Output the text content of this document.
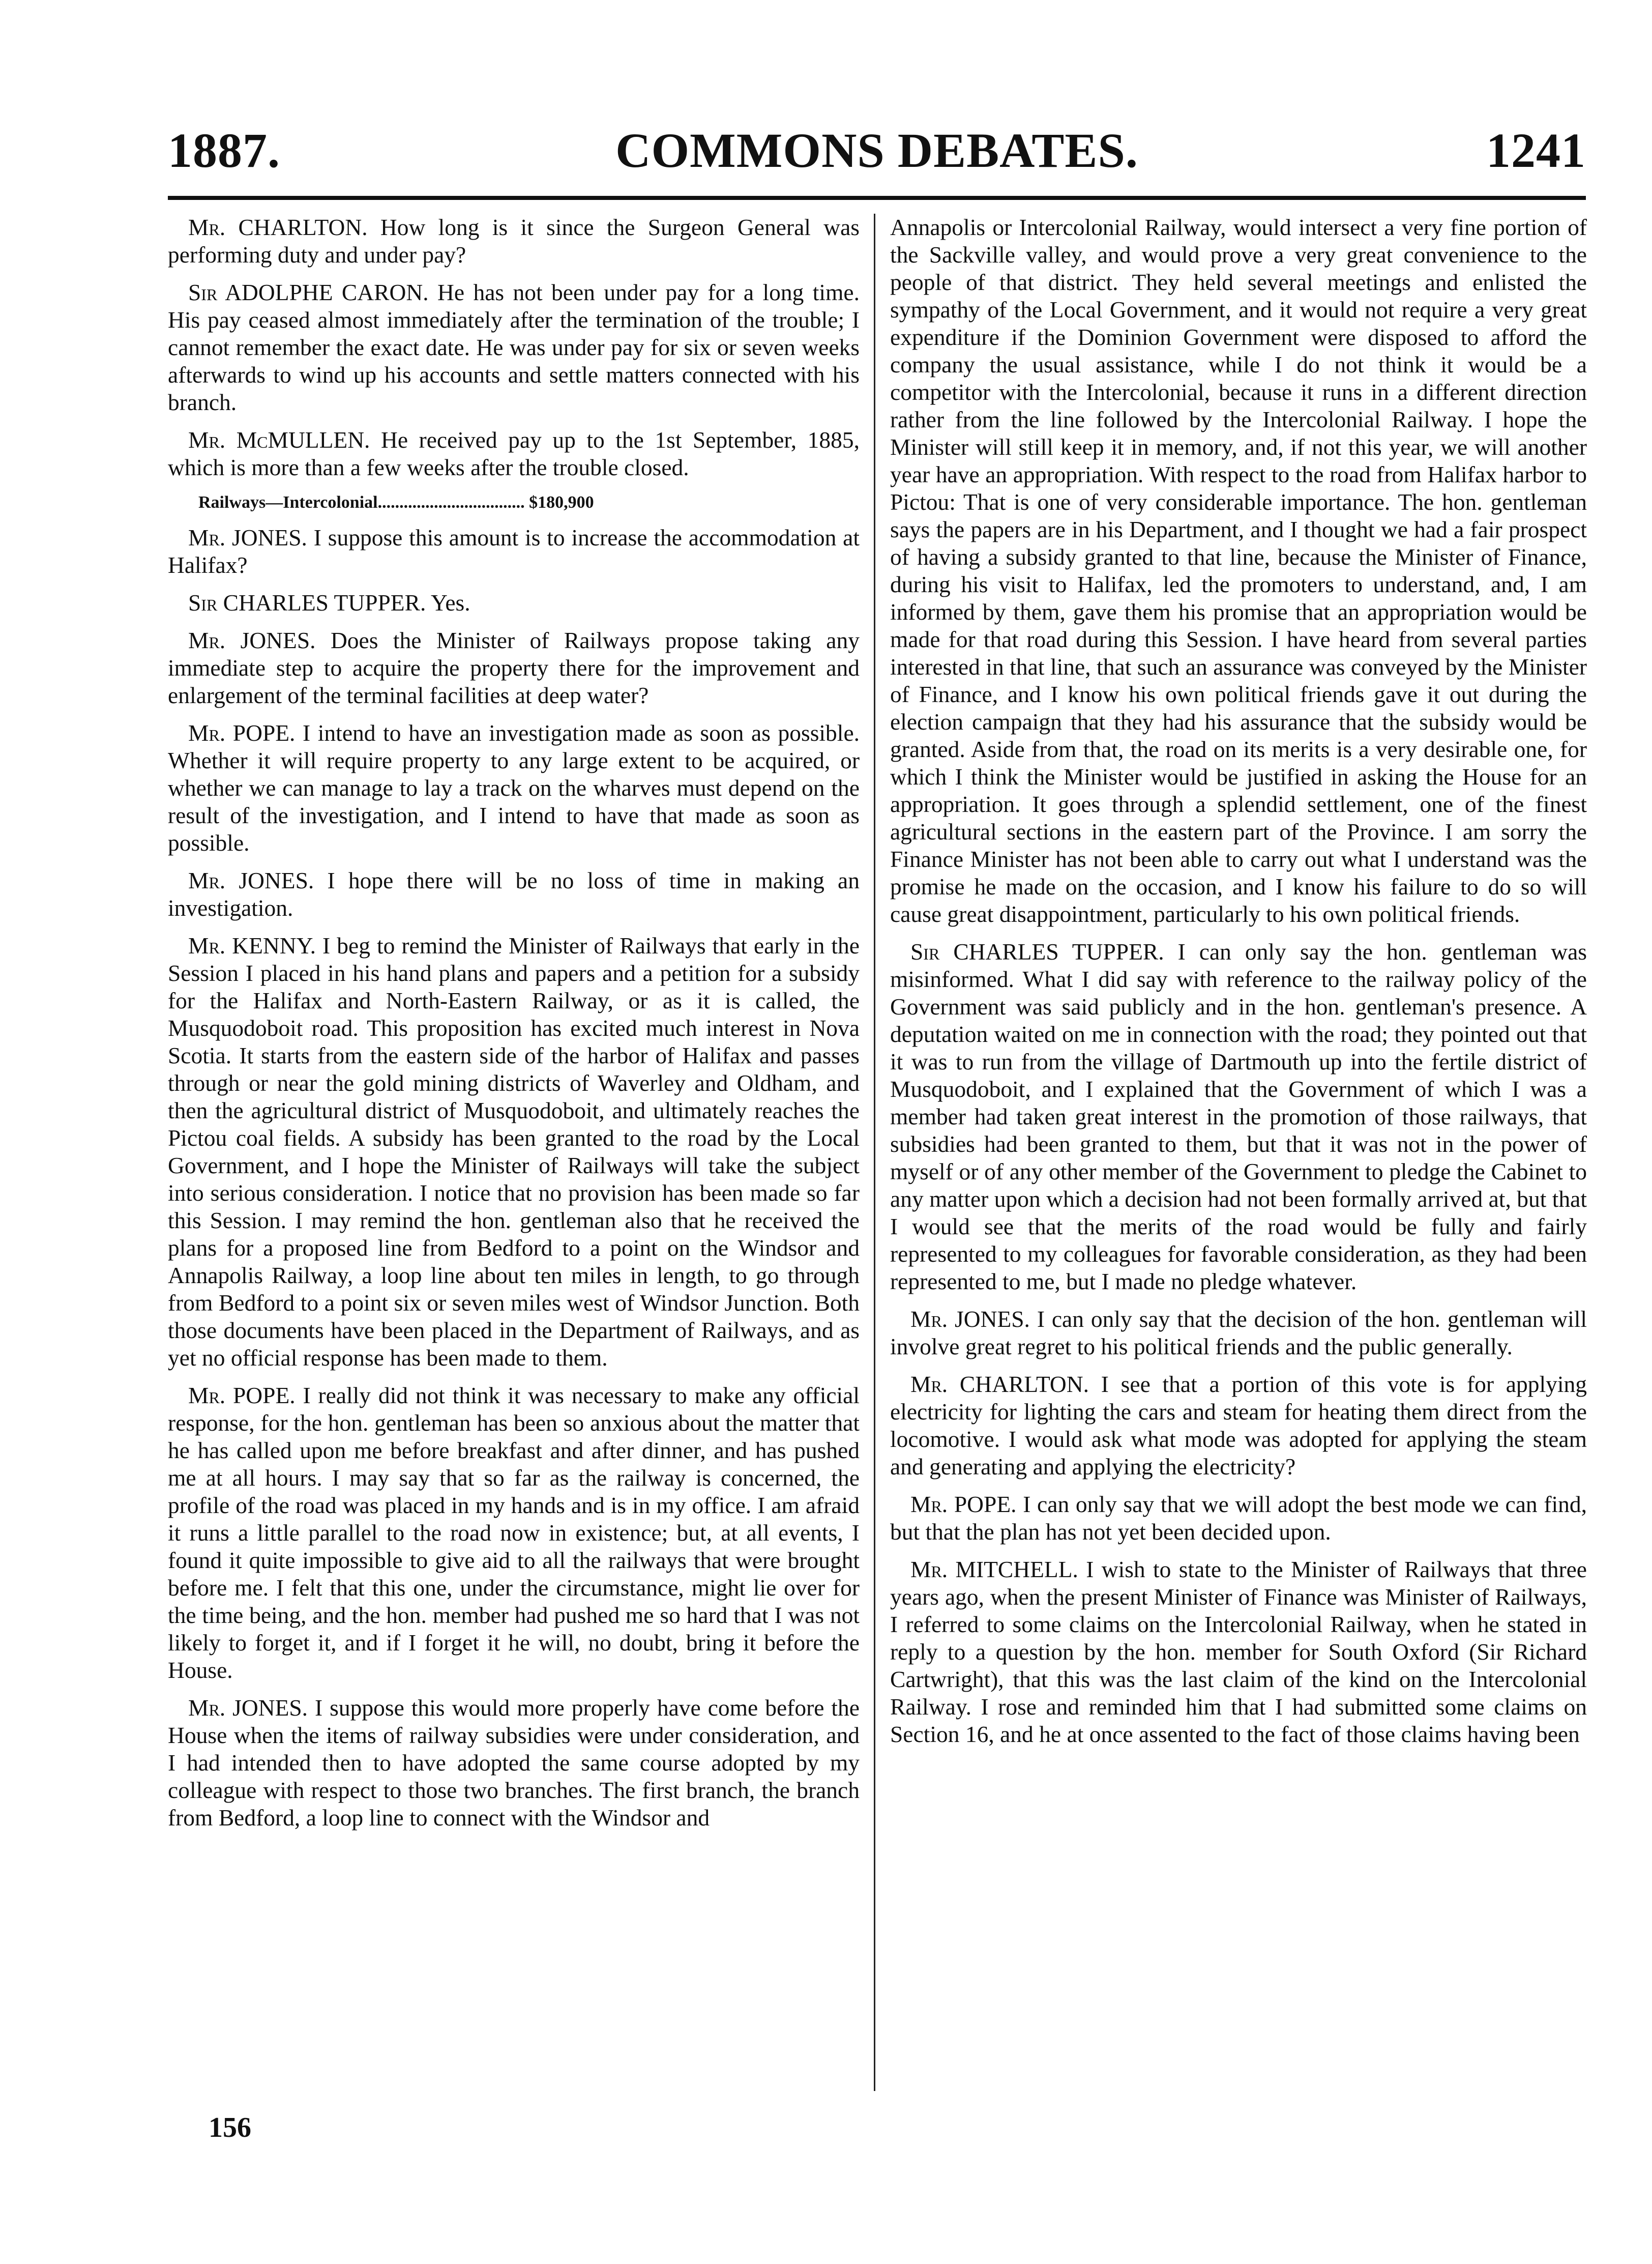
1887.	COMMONS DEBATES.	1241

Mr. CHARLTON. How long is it since the Surgeon General was performing duty and under pay?

Sir ADOLPHE CARON. He has not been under pay for a long time. His pay ceased almost immediately after the termination of the trouble; I cannot remember the exact date. He was under pay for six or seven weeks afterwards to wind up his accounts and settle matters connected with his branch.

Mr. McMULLEN. He received pay up to the 1st September, 1885, which is more than a few weeks after the trouble closed.

Railways—Intercolonial.................................. $180,900

Mr. JONES. I suppose this amount is to increase the accommodation at Halifax?

Sir CHARLES TUPPER. Yes.

Mr. JONES. Does the Minister of Railways propose taking any immediate step to acquire the property there for the improvement and enlargement of the terminal facilities at deep water?

Mr. POPE. I intend to have an investigation made as soon as possible. Whether it will require property to any large extent to be acquired, or whether we can manage to lay a track on the wharves must depend on the result of the investigation, and I intend to have that made as soon as possible.

Mr. JONES. I hope there will be no loss of time in making an investigation.

Mr. KENNY. I beg to remind the Minister of Railways that early in the Session I placed in his hand plans and papers and a petition for a subsidy for the Halifax and North-Eastern Railway, or as it is called, the Musquodoboit road. This proposition has excited much interest in Nova Scotia. It starts from the eastern side of the harbor of Halifax and passes through or near the gold mining districts of Waverley and Oldham, and then the agricultural district of Musquodoboit, and ultimately reaches the Pictou coal fields. A subsidy has been granted to the road by the Local Government, and I hope the Minister of Railways will take the subject into serious consideration. I notice that no provision has been made so far this Session. I may remind the hon. gentleman also that he received the plans for a proposed line from Bedford to a point on the Windsor and Annapolis Railway, a loop line about ten miles in length, to go through from Bedford to a point six or seven miles west of Windsor Junction. Both those documents have been placed in the Department of Railways, and as yet no official response has been made to them.

Mr. POPE. I really did not think it was necessary to make any official response, for the hon. gentleman has been so anxious about the matter that he has called upon me before breakfast and after dinner, and has pushed me at all hours. I may say that so far as the railway is concerned, the profile of the road was placed in my hands and is in my office. I am afraid it runs a little parallel to the road now in existence; but, at all events, I found it quite impossible to give aid to all the railways that were brought before me. I felt that this one, under the circumstance, might lie over for the time being, and the hon. member had pushed me so hard that I was not likely to forget it, and if I forget it he will, no doubt, bring it before the House.

Mr. JONES. I suppose this would more properly have come before the House when the items of railway subsidies were under consideration, and I had intended then to have adopted the same course adopted by my colleague with respect to those two branches. The first branch, the branch from Bedford, a loop line to connect with the Windsor and

Annapolis or Intercolonial Railway, would intersect a very fine portion of the Sackville valley, and would prove a very great convenience to the people of that district. They held several meetings and enlisted the sympathy of the Local Government, and it would not require a very great expenditure if the Dominion Government were disposed to afford the company the usual assistance, while I do not think it would be a competitor with the Intercolonial, because it runs in a different direction rather from the line followed by the Intercolonial Railway. I hope the Minister will still keep it in memory, and, if not this year, we will another year have an appropriation. With respect to the road from Halifax harbor to Pictou: That is one of very considerable importance. The hon. gentleman says the papers are in his Department, and I thought we had a fair prospect of having a subsidy granted to that line, because the Minister of Finance, during his visit to Halifax, led the promoters to understand, and, I am informed by them, gave them his promise that an appropriation would be made for that road during this Session. I have heard from several parties interested in that line, that such an assurance was conveyed by the Minister of Finance, and I know his own political friends gave it out during the election campaign that they had his assurance that the subsidy would be granted. Aside from that, the road on its merits is a very desirable one, for which I think the Minister would be justified in asking the House for an appropriation. It goes through a splendid settlement, one of the finest agricultural sections in the eastern part of the Province. I am sorry the Finance Minister has not been able to carry out what I understand was the promise he made on the occasion, and I know his failure to do so will cause great disappointment, particularly to his own political friends.

Sir CHARLES TUPPER. I can only say the hon. gentleman was misinformed. What I did say with reference to the railway policy of the Government was said publicly and in the hon. gentleman's presence. A deputation waited on me in connection with the road; they pointed out that it was to run from the village of Dartmouth up into the fertile district of Musquodoboit, and I explained that the Government of which I was a member had taken great interest in the promotion of those railways, that subsidies had been granted to them, but that it was not in the power of myself or of any other member of the Government to pledge the Cabinet to any matter upon which a decision had not been formally arrived at, but that I would see that the merits of the road would be fully and fairly represented to my colleagues for favorable consideration, as they had been represented to me, but I made no pledge whatever.

Mr. JONES. I can only say that the decision of the hon. gentleman will involve great regret to his political friends and the public generally.

Mr. CHARLTON. I see that a portion of this vote is for applying electricity for lighting the cars and steam for heating them direct from the locomotive. I would ask what mode was adopted for applying the steam and generating and applying the electricity?

Mr. POPE. I can only say that we will adopt the best mode we can find, but that the plan has not yet been decided upon.

Mr. MITCHELL. I wish to state to the Minister of Railways that three years ago, when the present Minister of Finance was Minister of Railways, I referred to some claims on the Intercolonial Railway, when he stated in reply to a question by the hon. member for South Oxford (Sir Richard Cartwright), that this was the last claim of the kind on the Intercolonial Railway. I rose and reminded him that I had submitted some claims on Section 16, and he at once assented to the fact of those claims having been

156
